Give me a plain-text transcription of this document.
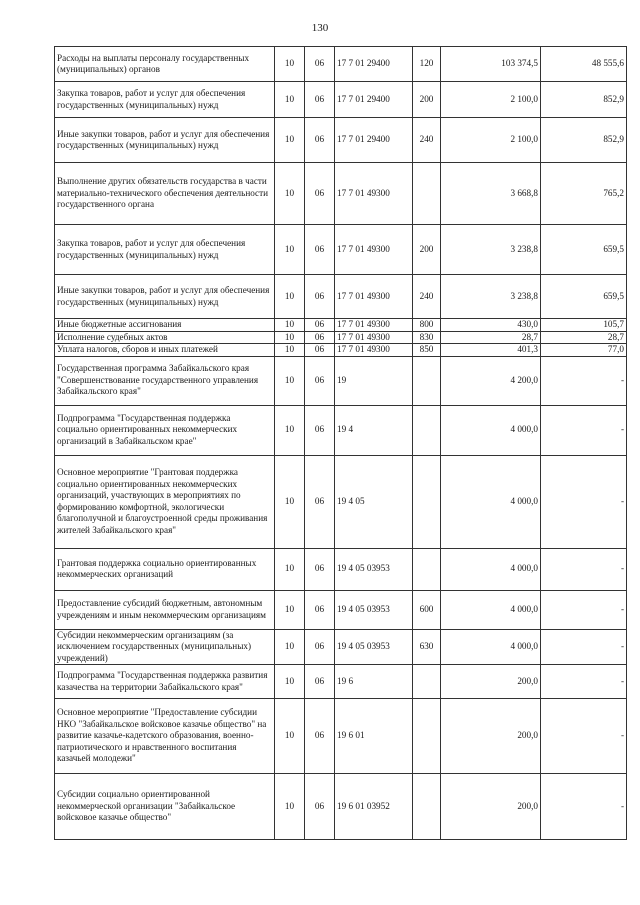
130
Расходы на выплаты персоналу государственных (муниципальных) органов	10	06	17 7 01 29400	120	103 374,5	48 555,6
Закупка товаров, работ и услуг для обеспечения государственных (муниципальных) нужд	10	06	17 7 01 29400	200	2 100,0	852,9
Иные закупки товаров, работ и услуг для обеспечения государственных (муниципальных) нужд	10	06	17 7 01 29400	240	2 100,0	852,9
Выполнение других обязательств государства в части материально-технического обеспечения деятельности государственного органа	10	06	17 7 01 49300		3 668,8	765,2
Закупка товаров, работ и услуг для обеспечения государственных (муниципальных) нужд	10	06	17 7 01 49300	200	3 238,8	659,5
Иные закупки товаров, работ и услуг для обеспечения государственных (муниципальных) нужд	10	06	17 7 01 49300	240	3 238,8	659,5
Иные бюджетные ассигнования	10	06	17 7 01 49300	800	430,0	105,7
Исполнение судебных актов	10	06	17 7 01 49300	830	28,7	28,7
Уплата налогов, сборов и иных платежей	10	06	17 7 01 49300	850	401,3	77,0
Государственная программа Забайкальского края "Совершенствование государственного управления Забайкальского края"	10	06	19		4 200,0	-
Подпрограмма "Государственная поддержка социально ориентированных некоммерческих организаций в Забайкальском крае"	10	06	19 4		4 000,0	-
Основное мероприятие "Грантовая поддержка социально ориентированных некоммерческих организаций, участвующих в мероприятиях по формированию комфортной, экологически благополучной и благоустроенной среды проживания жителей Забайкальского края"	10	06	19 4 05		4 000,0	-
Грантовая поддержка социально ориентированных некоммерческих организаций	10	06	19 4 05 03953		4 000,0	-
Предоставление субсидий бюджетным, автономным учреждениям и иным некоммерческим организациям	10	06	19 4 05 03953	600	4 000,0	-
Субсидии некоммерческим организациям (за исключением государственных (муниципальных) учреждений)	10	06	19 4 05 03953	630	4 000,0	-
Подпрограмма "Государственная поддержка развития казачества на территории Забайкальского края"	10	06	19 6		200,0	-
Основное мероприятие "Предоставление субсидии НКО "Забайкальское войсковое казачье общество" на развитие казачье-кадетского образования, военно-патриотического и нравственного воспитания казачьей молодежи"	10	06	19 6 01		200,0	-
Субсидии социально ориентированной некоммерческой организации "Забайкальское войсковое казачье общество"	10	06	19 6 01 03952		200,0	-
